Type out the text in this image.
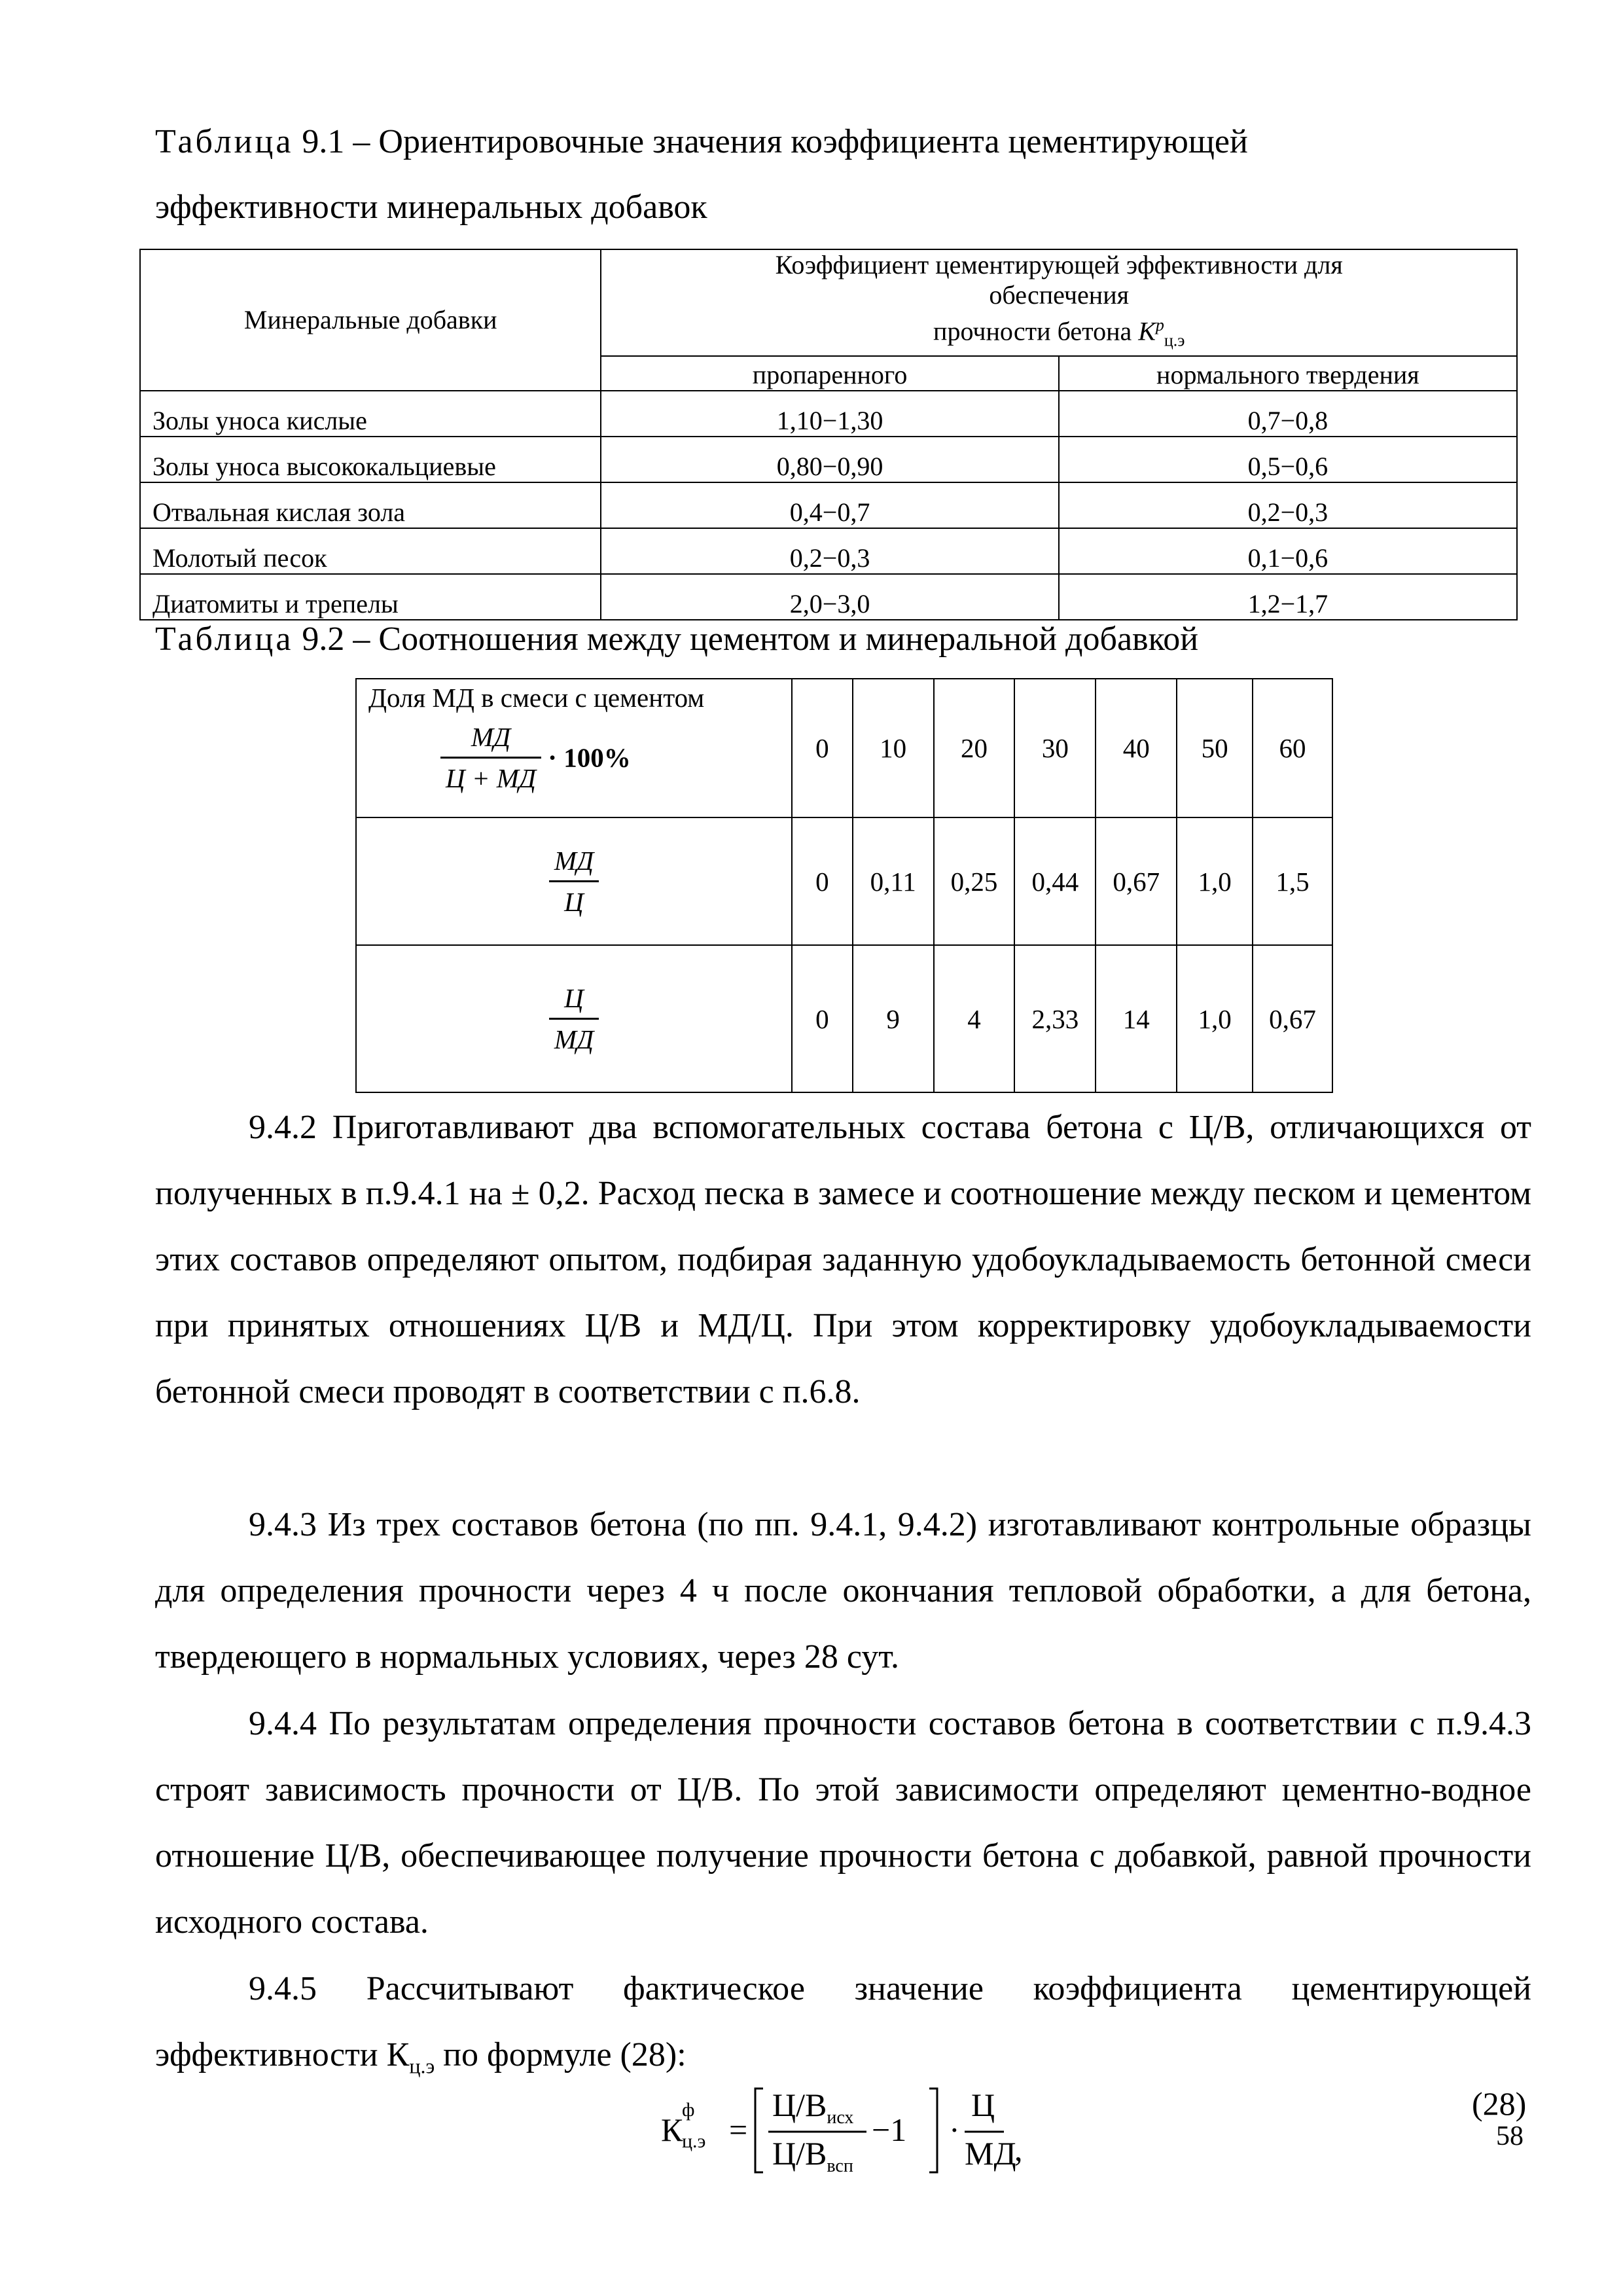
Таблица 9.1 – Ориентировочные значения коэффициента цементирующей
эффективности минеральных добавок
Минеральные добавки	Коэффициент цементирующей эффективности для
обеспечения
прочности бетона $К^р_{ц.э}$

	пропаренного	нормального твердения
Золы уноса кислые	1,10−1,30	0,7−0,8
Золы уноса высококальциевые	0,80−0,90	0,5−0,6
Отвальная кислая зола	0,4−0,7	0,2−0,3
Молотый песок	0,2−0,3	0,1−0,6
Диатомиты и трепелы	2,0−3,0	1,2−1,7
Таблица 9.2 – Соотношения между цементом и минеральной добавкой
Доля МД в смеси с цементом
$\frac{МД}{Ц + МД} \cdot 100\%$	0	10	20	30	40	50	60

$\frac{МД}{Ц}$	0	0,11	0,25	0,44	0,67	1,0	1,5

$\frac{Ц}{МД}$	0	9	4	2,33	14	1,0	0,67
9.4.2 Приготавливают два вспомогательных состава бетона с Ц/В, отличающихся от полученных в п.9.4.1 на ± 0,2. Расход песка в замесе и соотношение между песком и цементом этих составов определяют опытом, подбирая заданную удобоукладываемость бетонной смеси при принятых отношениях Ц/В и МД/Ц. При этом корректировку удобоукладываемости бетонной смеси проводят в соответствии с п.6.8.
9.4.3 Из трех составов бетона (по пп. 9.4.1, 9.4.2) изготавливают контрольные образцы для определения прочности через 4 ч после окончания тепловой обработки, а для бетона, твердеющего в нормальных условиях, через 28 сут.
9.4.4 По результатам определения прочности составов бетона в соответствии с п.9.4.3 строят зависимость прочности от Ц/В. По этой зависимости определяют цементно-водное отношение Ц/В, обеспечивающее получение прочности бетона с добавкой, равной прочности исходного состава.
9.4.5 Рассчитывают фактическое значение коэффициента цементирующей
эффективности $К_{ц.э}$ по формуле (28):
К
ф
ц.э =
$Ц/В_{исх}$
$Ц/В_{всп}$
−1 ·
Ц
МД
,
(28)
58
